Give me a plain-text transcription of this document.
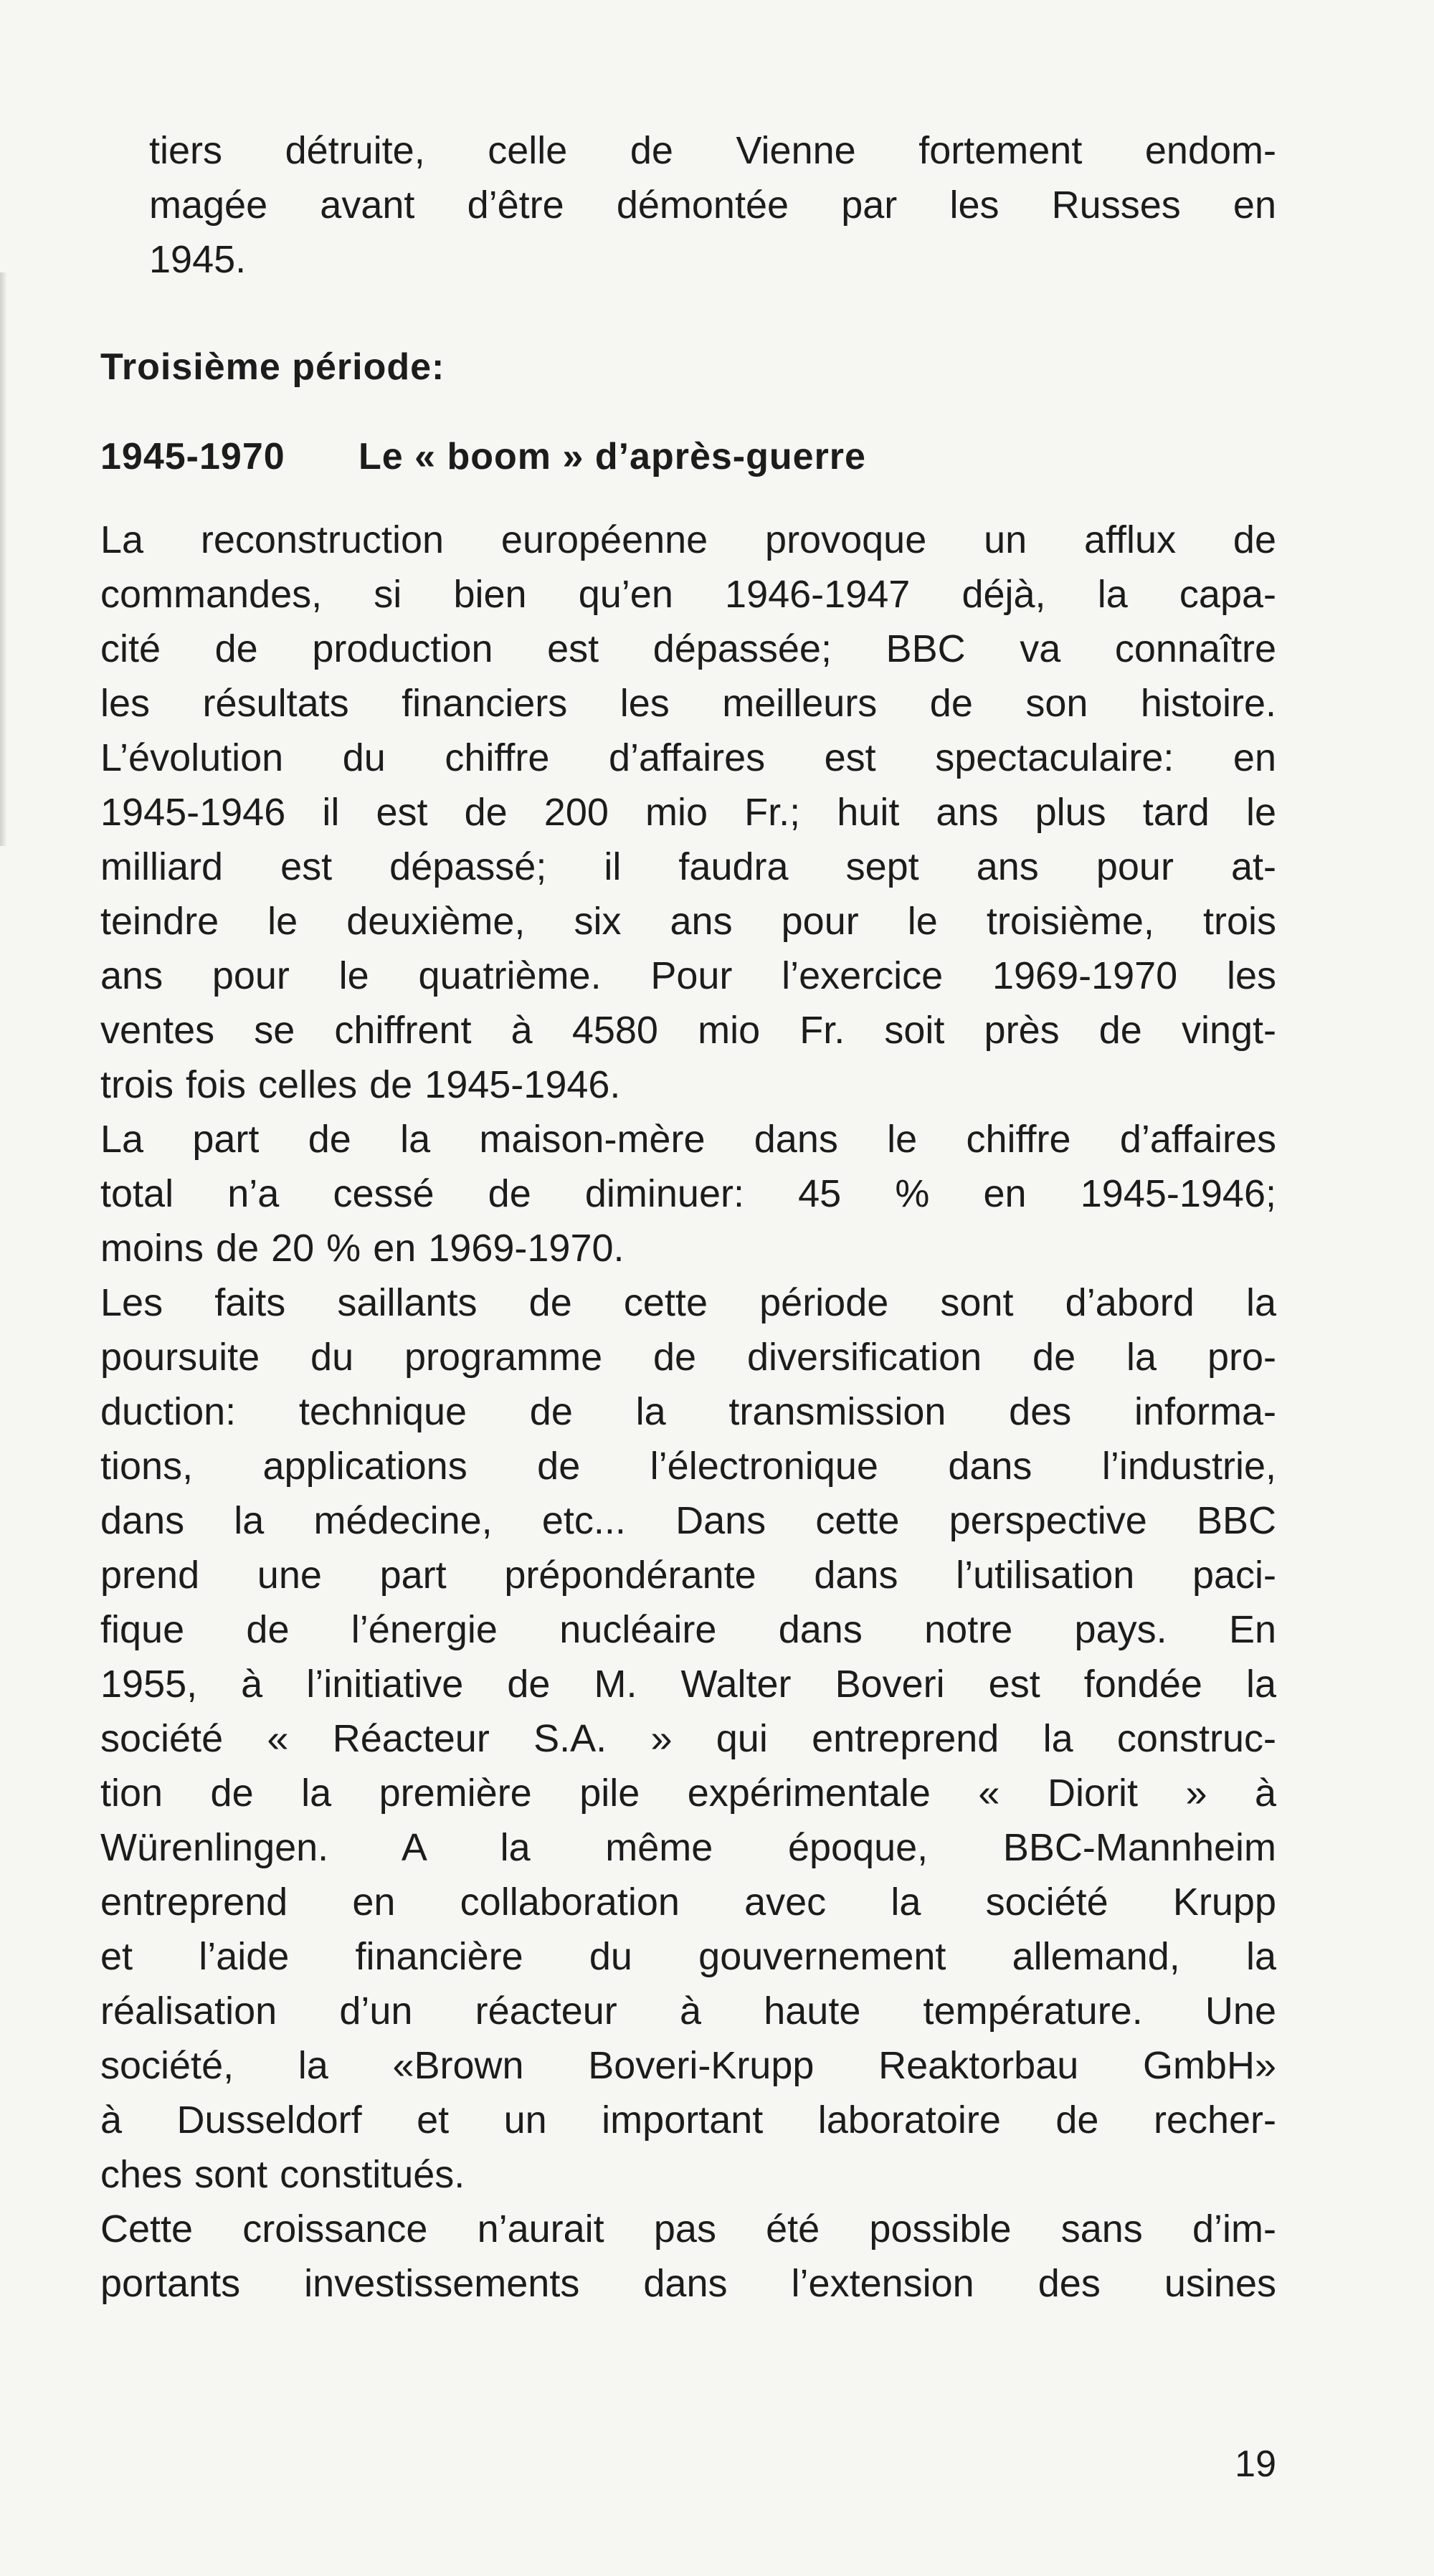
tiers détruite, celle de Vienne fortement endom-
magée avant d’être démontée par les Russes en
1945.

Troisième période:
1945-1970 Le « boom » d’après-guerre

La reconstruction européenne provoque un afflux de
commandes, si bien qu’en 1946-1947 déjà, la capa-
cité de production est dépassée; BBC va connaître
les résultats financiers les meilleurs de son histoire.
L’évolution du chiffre d’affaires est spectaculaire: en
1945-1946 il est de 200 mio Fr.; huit ans plus tard le
milliard est dépassé; il faudra sept ans pour at-
teindre le deuxième, six ans pour le troisième, trois
ans pour le quatrième. Pour l’exercice 1969-1970 les
ventes se chiffrent à 4580 mio Fr. soit près de vingt-
trois fois celles de 1945-1946.

La part de la maison-mère dans le chiffre d’affaires
total n’a cessé de diminuer: 45 % en 1945-1946;
moins de 20 % en 1969-1970.

Les faits saillants de cette période sont d’abord la
poursuite du programme de diversification de la pro-
duction: technique de la transmission des informa-
tions, applications de l’électronique dans l’industrie,
dans la médecine, etc... Dans cette perspective BBC
prend une part prépondérante dans l’utilisation paci-
fique de l’énergie nucléaire dans notre pays. En
1955, à l’initiative de M. Walter Boveri est fondée la
société « Réacteur S.A. » qui entreprend la construc-
tion de la première pile expérimentale « Diorit » à
Würenlingen. A la même époque, BBC-Mannheim
entreprend en collaboration avec la société Krupp
et l’aide financière du gouvernement allemand, la
réalisation d’un réacteur à haute température. Une
société, la «Brown Boveri-Krupp Reaktorbau GmbH»
à Dusseldorf et un important laboratoire de recher-
ches sont constitués.

Cette croissance n’aurait pas été possible sans d’im-
portants investissements dans l’extension des usines

19
